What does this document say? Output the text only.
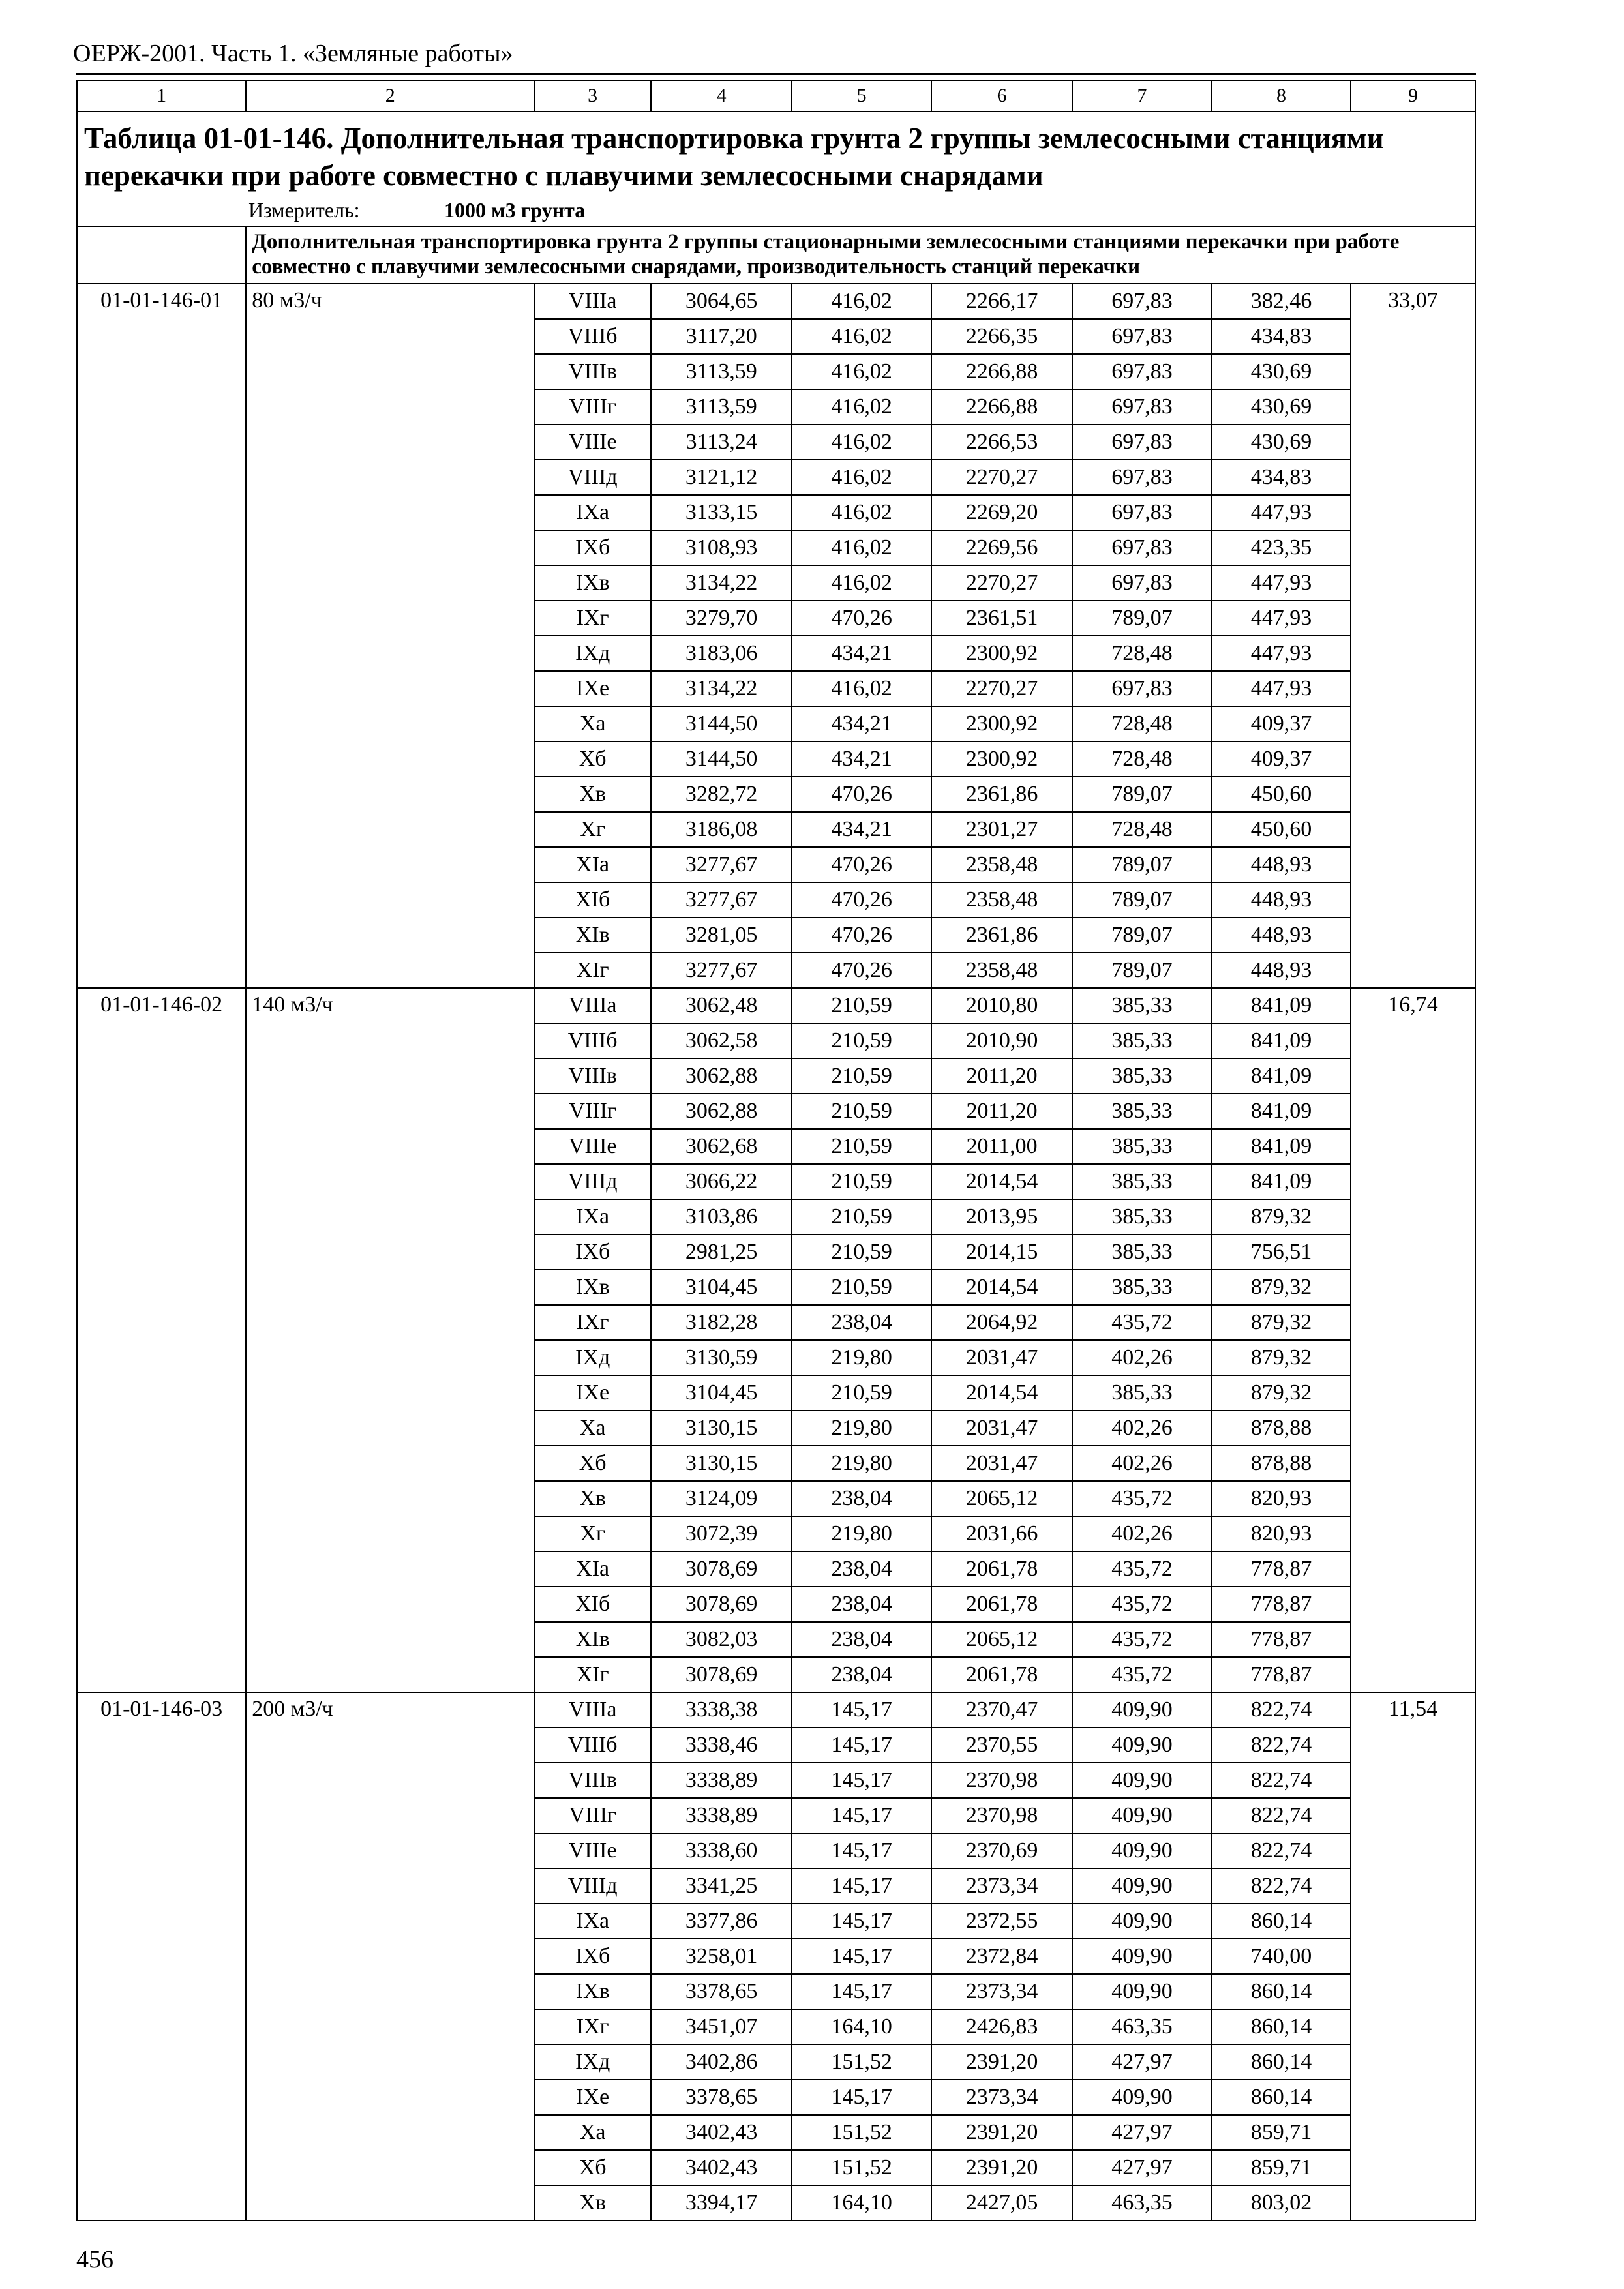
ОЕРЖ-2001. Часть 1. «Земляные работы»
1	2	3	4	5	6	7	8	9

Таблица 01-01-146. Дополнительная транспортировка грунта 2 группы землесосными станциями перекачки при работе совместно с плавучими землесосными снарядами
Измеритель: 1000 м3 грунта								

	Дополнительная транспортировка грунта 2 группы стационарными землесосными станциями перекачки при работе совместно с плавучими землесосными снарядами, производительность станций перекачки							

01-01-146-01	80 м3/ч	VIIIа	3064,65	416,02	2266,17	697,83	382,46	33,07
		VIIIб	3117,20	416,02	2266,35	697,83	434,83	
		VIIIв	3113,59	416,02	2266,88	697,83	430,69	
		VIIIг	3113,59	416,02	2266,88	697,83	430,69	
		VIIIе	3113,24	416,02	2266,53	697,83	430,69	
		VIIIд	3121,12	416,02	2270,27	697,83	434,83	
		IXа	3133,15	416,02	2269,20	697,83	447,93	
		IXб	3108,93	416,02	2269,56	697,83	423,35	
		IXв	3134,22	416,02	2270,27	697,83	447,93	
		IXг	3279,70	470,26	2361,51	789,07	447,93	
		IXд	3183,06	434,21	2300,92	728,48	447,93	
		IXе	3134,22	416,02	2270,27	697,83	447,93	
		Xа	3144,50	434,21	2300,92	728,48	409,37	
		Xб	3144,50	434,21	2300,92	728,48	409,37	
		Xв	3282,72	470,26	2361,86	789,07	450,60	
		Xг	3186,08	434,21	2301,27	728,48	450,60	
		XIа	3277,67	470,26	2358,48	789,07	448,93	
		XIб	3277,67	470,26	2358,48	789,07	448,93	
		XIв	3281,05	470,26	2361,86	789,07	448,93	
		XIг	3277,67	470,26	2358,48	789,07	448,93	
01-01-146-02	140 м3/ч	VIIIа	3062,48	210,59	2010,80	385,33	841,09	16,74
		VIIIб	3062,58	210,59	2010,90	385,33	841,09	
		VIIIв	3062,88	210,59	2011,20	385,33	841,09	
		VIIIг	3062,88	210,59	2011,20	385,33	841,09	
		VIIIе	3062,68	210,59	2011,00	385,33	841,09	
		VIIIд	3066,22	210,59	2014,54	385,33	841,09	
		IXа	3103,86	210,59	2013,95	385,33	879,32	
		IXб	2981,25	210,59	2014,15	385,33	756,51	
		IXв	3104,45	210,59	2014,54	385,33	879,32	
		IXг	3182,28	238,04	2064,92	435,72	879,32	
		IXд	3130,59	219,80	2031,47	402,26	879,32	
		IXе	3104,45	210,59	2014,54	385,33	879,32	
		Xа	3130,15	219,80	2031,47	402,26	878,88	
		Xб	3130,15	219,80	2031,47	402,26	878,88	
		Xв	3124,09	238,04	2065,12	435,72	820,93	
		Xг	3072,39	219,80	2031,66	402,26	820,93	
		XIа	3078,69	238,04	2061,78	435,72	778,87	
		XIб	3078,69	238,04	2061,78	435,72	778,87	
		XIв	3082,03	238,04	2065,12	435,72	778,87	
		XIг	3078,69	238,04	2061,78	435,72	778,87	
01-01-146-03	200 м3/ч	VIIIа	3338,38	145,17	2370,47	409,90	822,74	11,54
		VIIIб	3338,46	145,17	2370,55	409,90	822,74	
		VIIIв	3338,89	145,17	2370,98	409,90	822,74	
		VIIIг	3338,89	145,17	2370,98	409,90	822,74	
		VIIIе	3338,60	145,17	2370,69	409,90	822,74	
		VIIIд	3341,25	145,17	2373,34	409,90	822,74	
		IXа	3377,86	145,17	2372,55	409,90	860,14	
		IXб	3258,01	145,17	2372,84	409,90	740,00	
		IXв	3378,65	145,17	2373,34	409,90	860,14	
		IXг	3451,07	164,10	2426,83	463,35	860,14	
		IXд	3402,86	151,52	2391,20	427,97	860,14	
		IXе	3378,65	145,17	2373,34	409,90	860,14	
		Xа	3402,43	151,52	2391,20	427,97	859,71	
		Xб	3402,43	151,52	2391,20	427,97	859,71	
		Xв	3394,17	164,10	2427,05	463,35	803,02	
456
